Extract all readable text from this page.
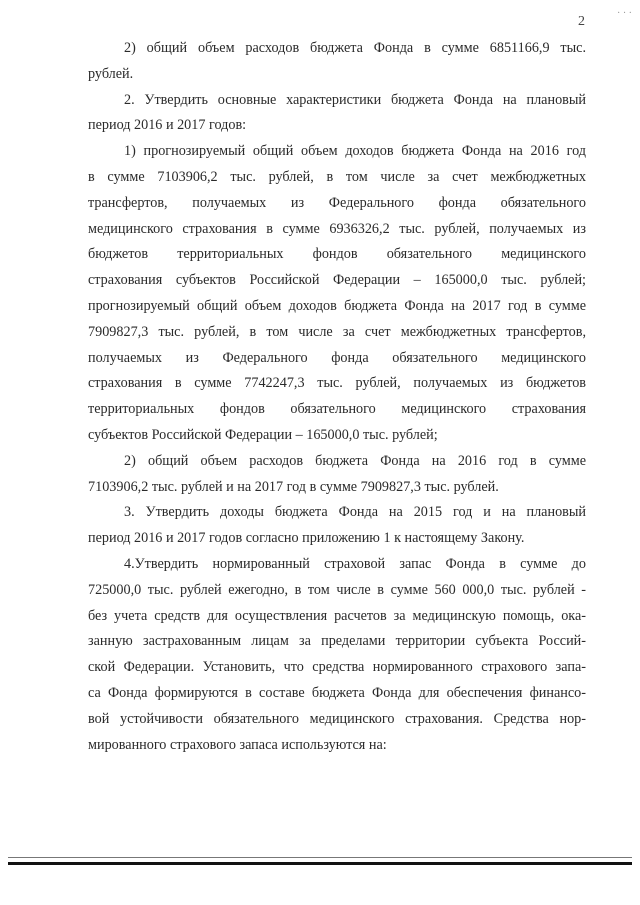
· · ·
2
2) общий объем расходов бюджета Фонда в сумме 6851166,9 тыс.
рублей.
2. Утвердить основные характеристики бюджета Фонда на плановый
период 2016 и 2017 годов:
1) прогнозируемый общий объем доходов бюджета Фонда на 2016 год
в сумме 7103906,2 тыс. рублей, в том числе за счет межбюджетных
трансфертов, получаемых из Федерального фонда обязательного
медицинского страхования в сумме 6936326,2 тыс. рублей, получаемых из
бюджетов территориальных фондов обязательного медицинского
страхования субъектов Российской Федерации – 165000,0 тыс. рублей;
прогнозируемый общий объем доходов бюджета Фонда на 2017 год в сумме
7909827,3 тыс. рублей, в том числе за счет межбюджетных трансфертов,
получаемых из Федерального фонда обязательного медицинского
страхования в сумме 7742247,3 тыс. рублей, получаемых из бюджетов
территориальных фондов обязательного медицинского страхования
субъектов Российской Федерации – 165000,0 тыс. рублей;
2) общий объем расходов бюджета Фонда на 2016 год в сумме
7103906,2 тыс. рублей и на 2017 год в сумме 7909827,3 тыс. рублей.
3. Утвердить доходы бюджета Фонда на 2015 год и на плановый
период 2016 и 2017 годов согласно приложению 1 к настоящему Закону.
4.Утвердить нормированный страховой запас Фонда в сумме до
725000,0 тыс. рублей ежегодно, в том числе в сумме 560 000,0 тыс. рублей -
без учета средств для осуществления расчетов за медицинскую помощь, ока-
занную застрахованным лицам за пределами территории субъекта Россий-
ской Федерации. Установить, что средства нормированного страхового запа-
са Фонда формируются в составе бюджета Фонда для обеспечения финансо-
вой устойчивости обязательного медицинского страхования. Средства нор-
мированного страхового запаса используются на:
